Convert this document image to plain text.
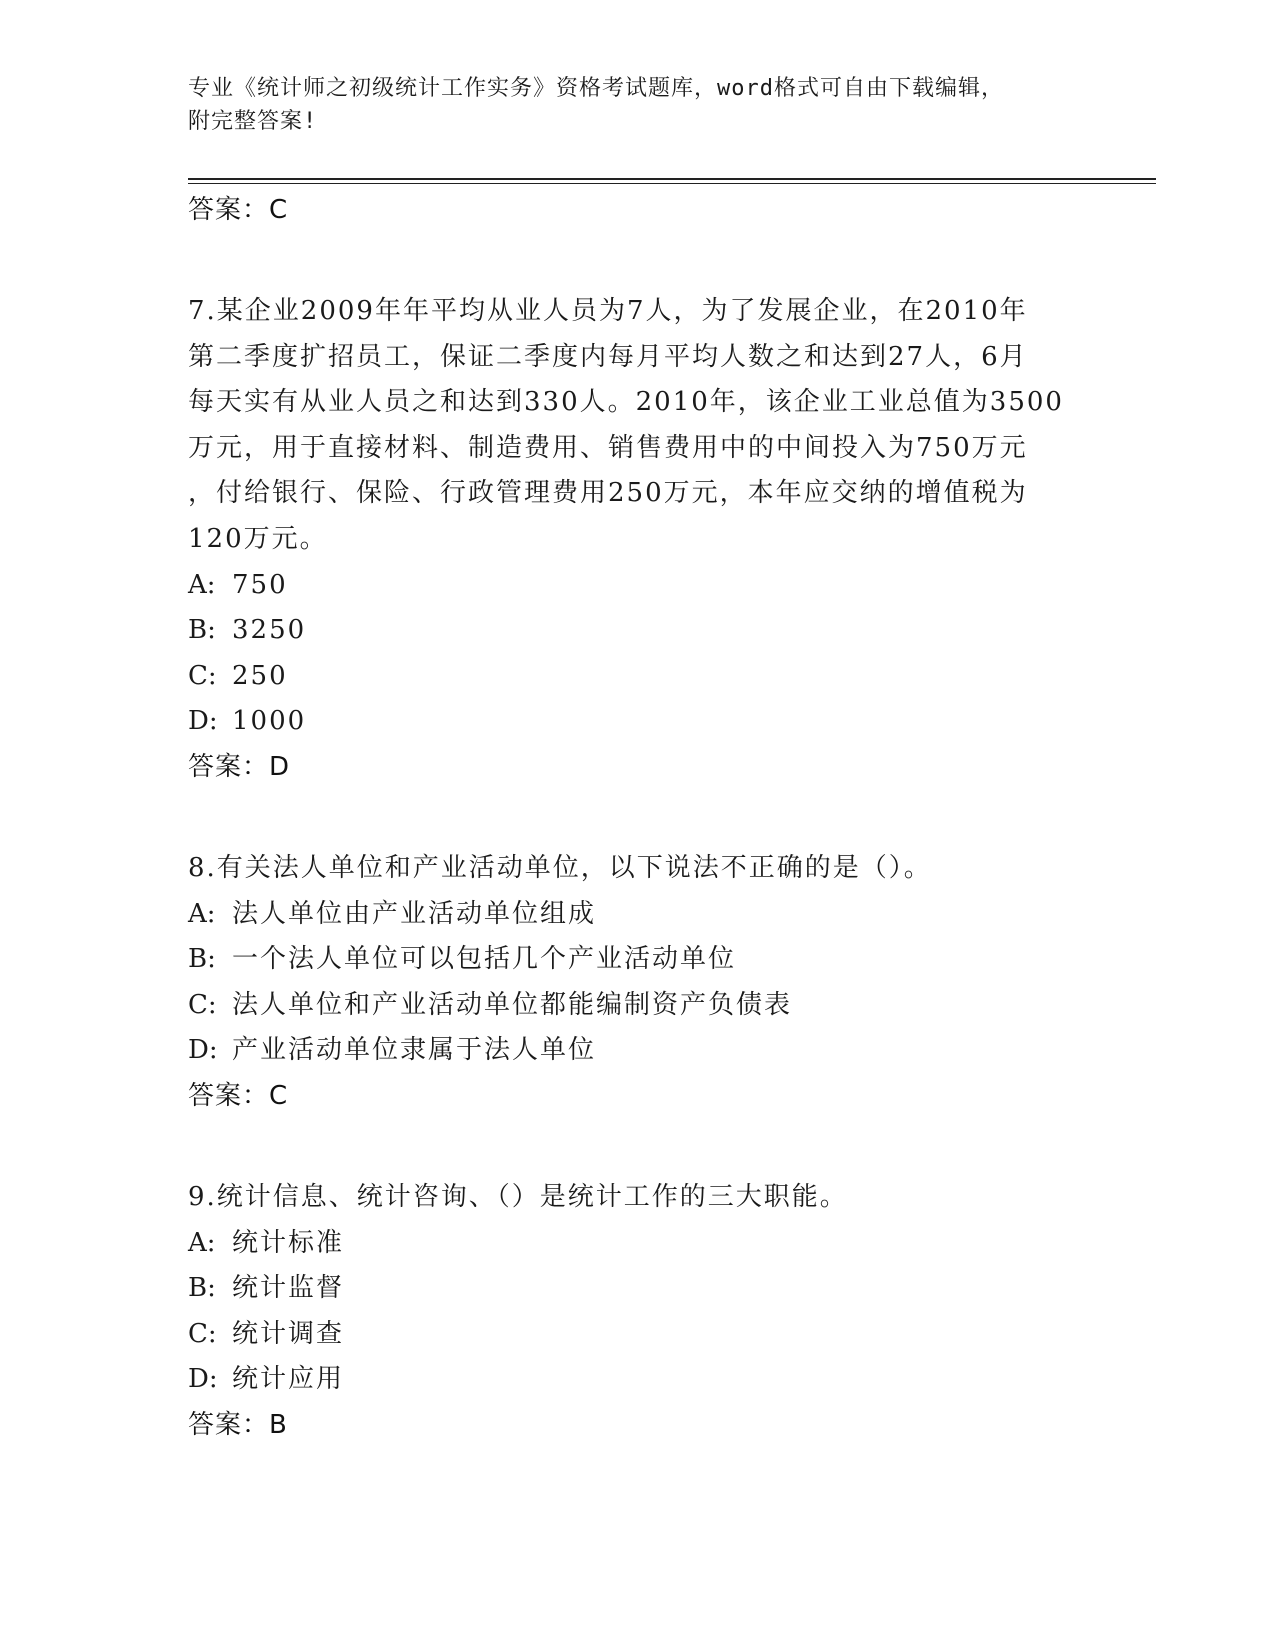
专业《统计师之初级统计工作实务》资格考试题库，word格式可自由下载编辑，
附完整答案!
答案：C
7.某企业2009年年平均从业人员为7人，为了发展企业，在2010年
第二季度扩招员工，保证二季度内每月平均人数之和达到27人，6月
每天实有从业人员之和达到330人。2010年，该企业工业总值为3500
万元，用于直接材料、制造费用、销售费用中的中间投入为750万元
，付给银行、保险、行政管理费用250万元，本年应交纳的增值税为
120万元。
A: 750
B: 3250
C: 250
D: 1000
答案：D
8.有关法人单位和产业活动单位，以下说法不正确的是（）。
A: 法人单位由产业活动单位组成
B: 一个法人单位可以包括几个产业活动单位
C: 法人单位和产业活动单位都能编制资产负债表
D: 产业活动单位隶属于法人单位
答案：C
9.统计信息、统计咨询、（）是统计工作的三大职能。
A: 统计标准
B: 统计监督
C: 统计调查
D: 统计应用
答案：B
